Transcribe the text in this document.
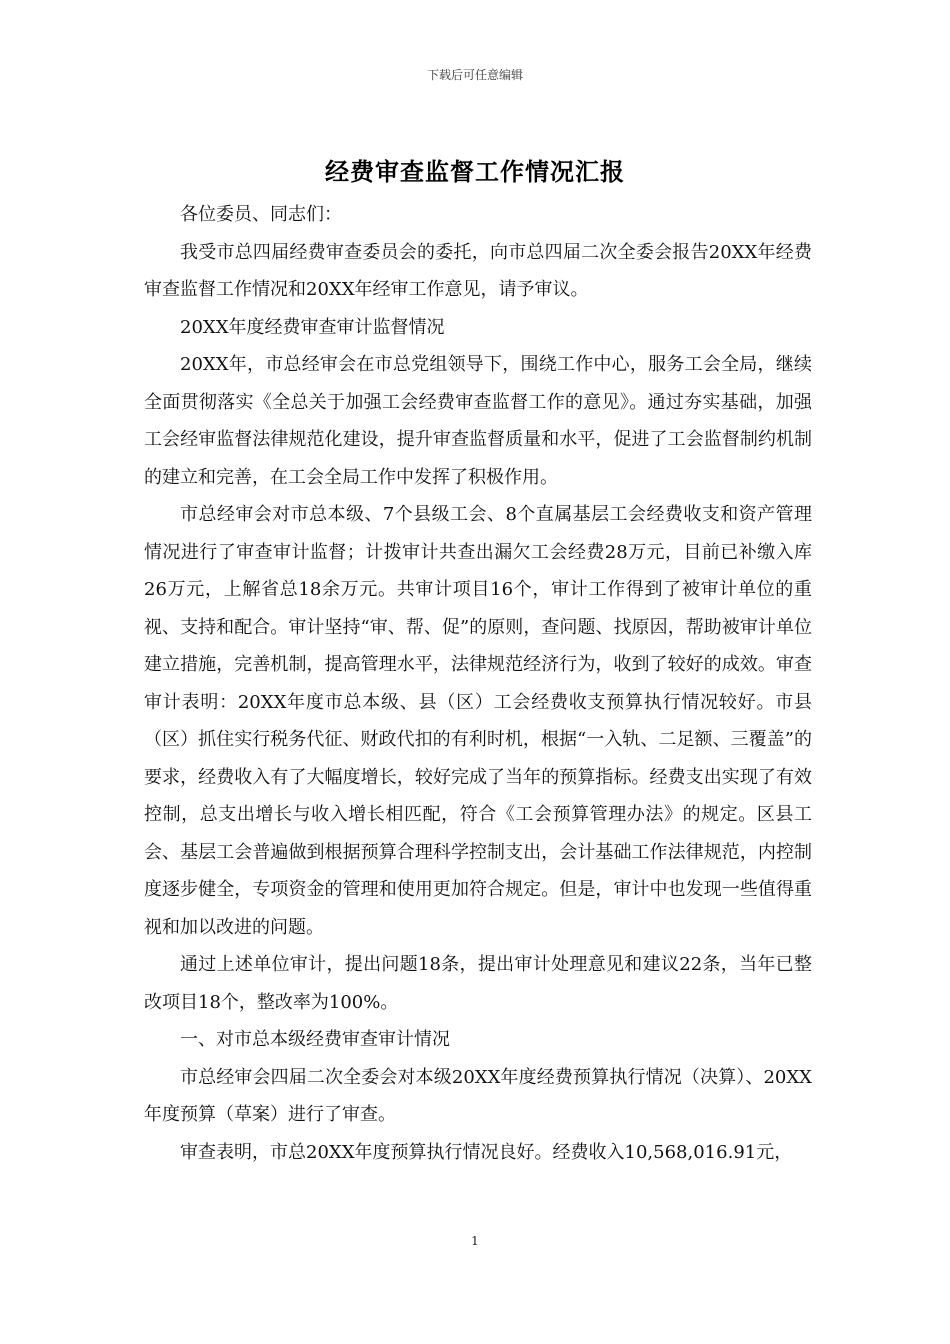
下载后可任意编辑
经费审查监督工作情况汇报

各位委员、同志们：

我受市总四届经费审查委员会的委托，向市总四届二次全委会报告20XX年经费审查监督工作情况和20XX年经审工作意见，请予审议。

20XX年度经费审查审计监督情况

20XX年，市总经审会在市总党组领导下，围绕工作中心，服务工会全局，继续全面贯彻落实《全总关于加强工会经费审查监督工作的意见》。通过夯实基础，加强工会经审监督法律规范化建设，提升审查监督质量和水平，促进了工会监督制约机制的建立和完善，在工会全局工作中发挥了积极作用。

市总经审会对市总本级、7个县级工会、8个直属基层工会经费收支和资产管理情况进行了审查审计监督；计拨审计共查出漏欠工会经费28万元，目前已补缴入库26万元，上解省总18余万元。共审计项目16个，审计工作得到了被审计单位的重视、支持和配合。审计坚持“审、帮、促”的原则，查问题、找原因，帮助被审计单位建立措施，完善机制，提高管理水平，法律规范经济行为，收到了较好的成效。审查审计表明：20XX年度市总本级、县（区）工会经费收支预算执行情况较好。市县（区）抓住实行税务代征、财政代扣的有利时机，根据“一入轨、二足额、三覆盖”的要求，经费收入有了大幅度增长，较好完成了当年的预算指标。经费支出实现了有效控制，总支出增长与收入增长相匹配，符合《工会预算管理办法》的规定。区县工会、基层工会普遍做到根据预算合理科学控制支出，会计基础工作法律规范，内控制度逐步健全，专项资金的管理和使用更加符合规定。但是，审计中也发现一些值得重视和加以改进的问题。

通过上述单位审计，提出问题18条，提出审计处理意见和建议22条，当年已整改项目18个，整改率为100%。

一、对市总本级经费审查审计情况

市总经审会四届二次全委会对本级20XX年度经费预算执行情况（决算）、20XX年度预算（草案）进行了审查。

审查表明，市总20XX年度预算执行情况良好。经费收入10,568,016.91元，

1
